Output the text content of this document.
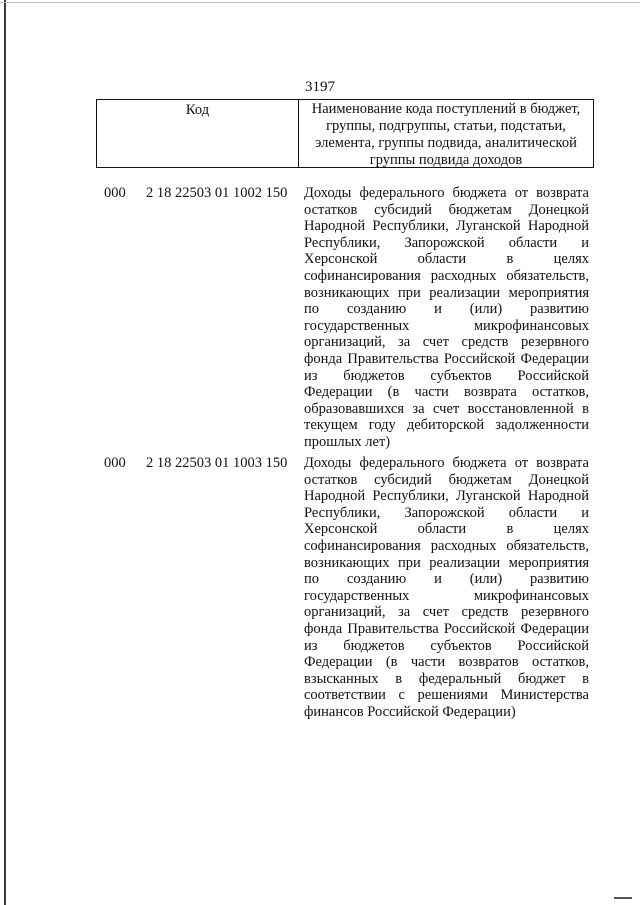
3197
Код	Наименование кода поступлений в бюджет, группы, подгруппы, статьи, подстатьи, элемента, группы подвида, аналитической группы подвида доходов
000 2 18 22503 01 1002 150 Доходы федерального бюджета от возврата остатков субсидий бюджетам Донецкой Народной Республики, Луганской Народной Республики, Запорожской области и Херсонской области в целях софинансирования расходных обязательств, возникающих при реализации мероприятия по созданию и (или) развитию государственных микрофинансовых организаций, за счет средств резервного фонда Правительства Российской Федерации из бюджетов субъектов Российской Федерации (в части возврата остатков, образовавшихся за счет восстановленной в текущем году дебиторской задолженности прошлых лет)
000 2 18 22503 01 1003 150 Доходы федерального бюджета от возврата остатков субсидий бюджетам Донецкой Народной Республики, Луганской Народной Республики, Запорожской области и Херсонской области в целях софинансирования расходных обязательств, возникающих при реализации мероприятия по созданию и (или) развитию государственных микрофинансовых организаций, за счет средств резервного фонда Правительства Российской Федерации из бюджетов субъектов Российской Федерации (в части возвратов остатков, взысканных в федеральный бюджет в соответствии с решениями Министерства финансов Российской Федерации)
